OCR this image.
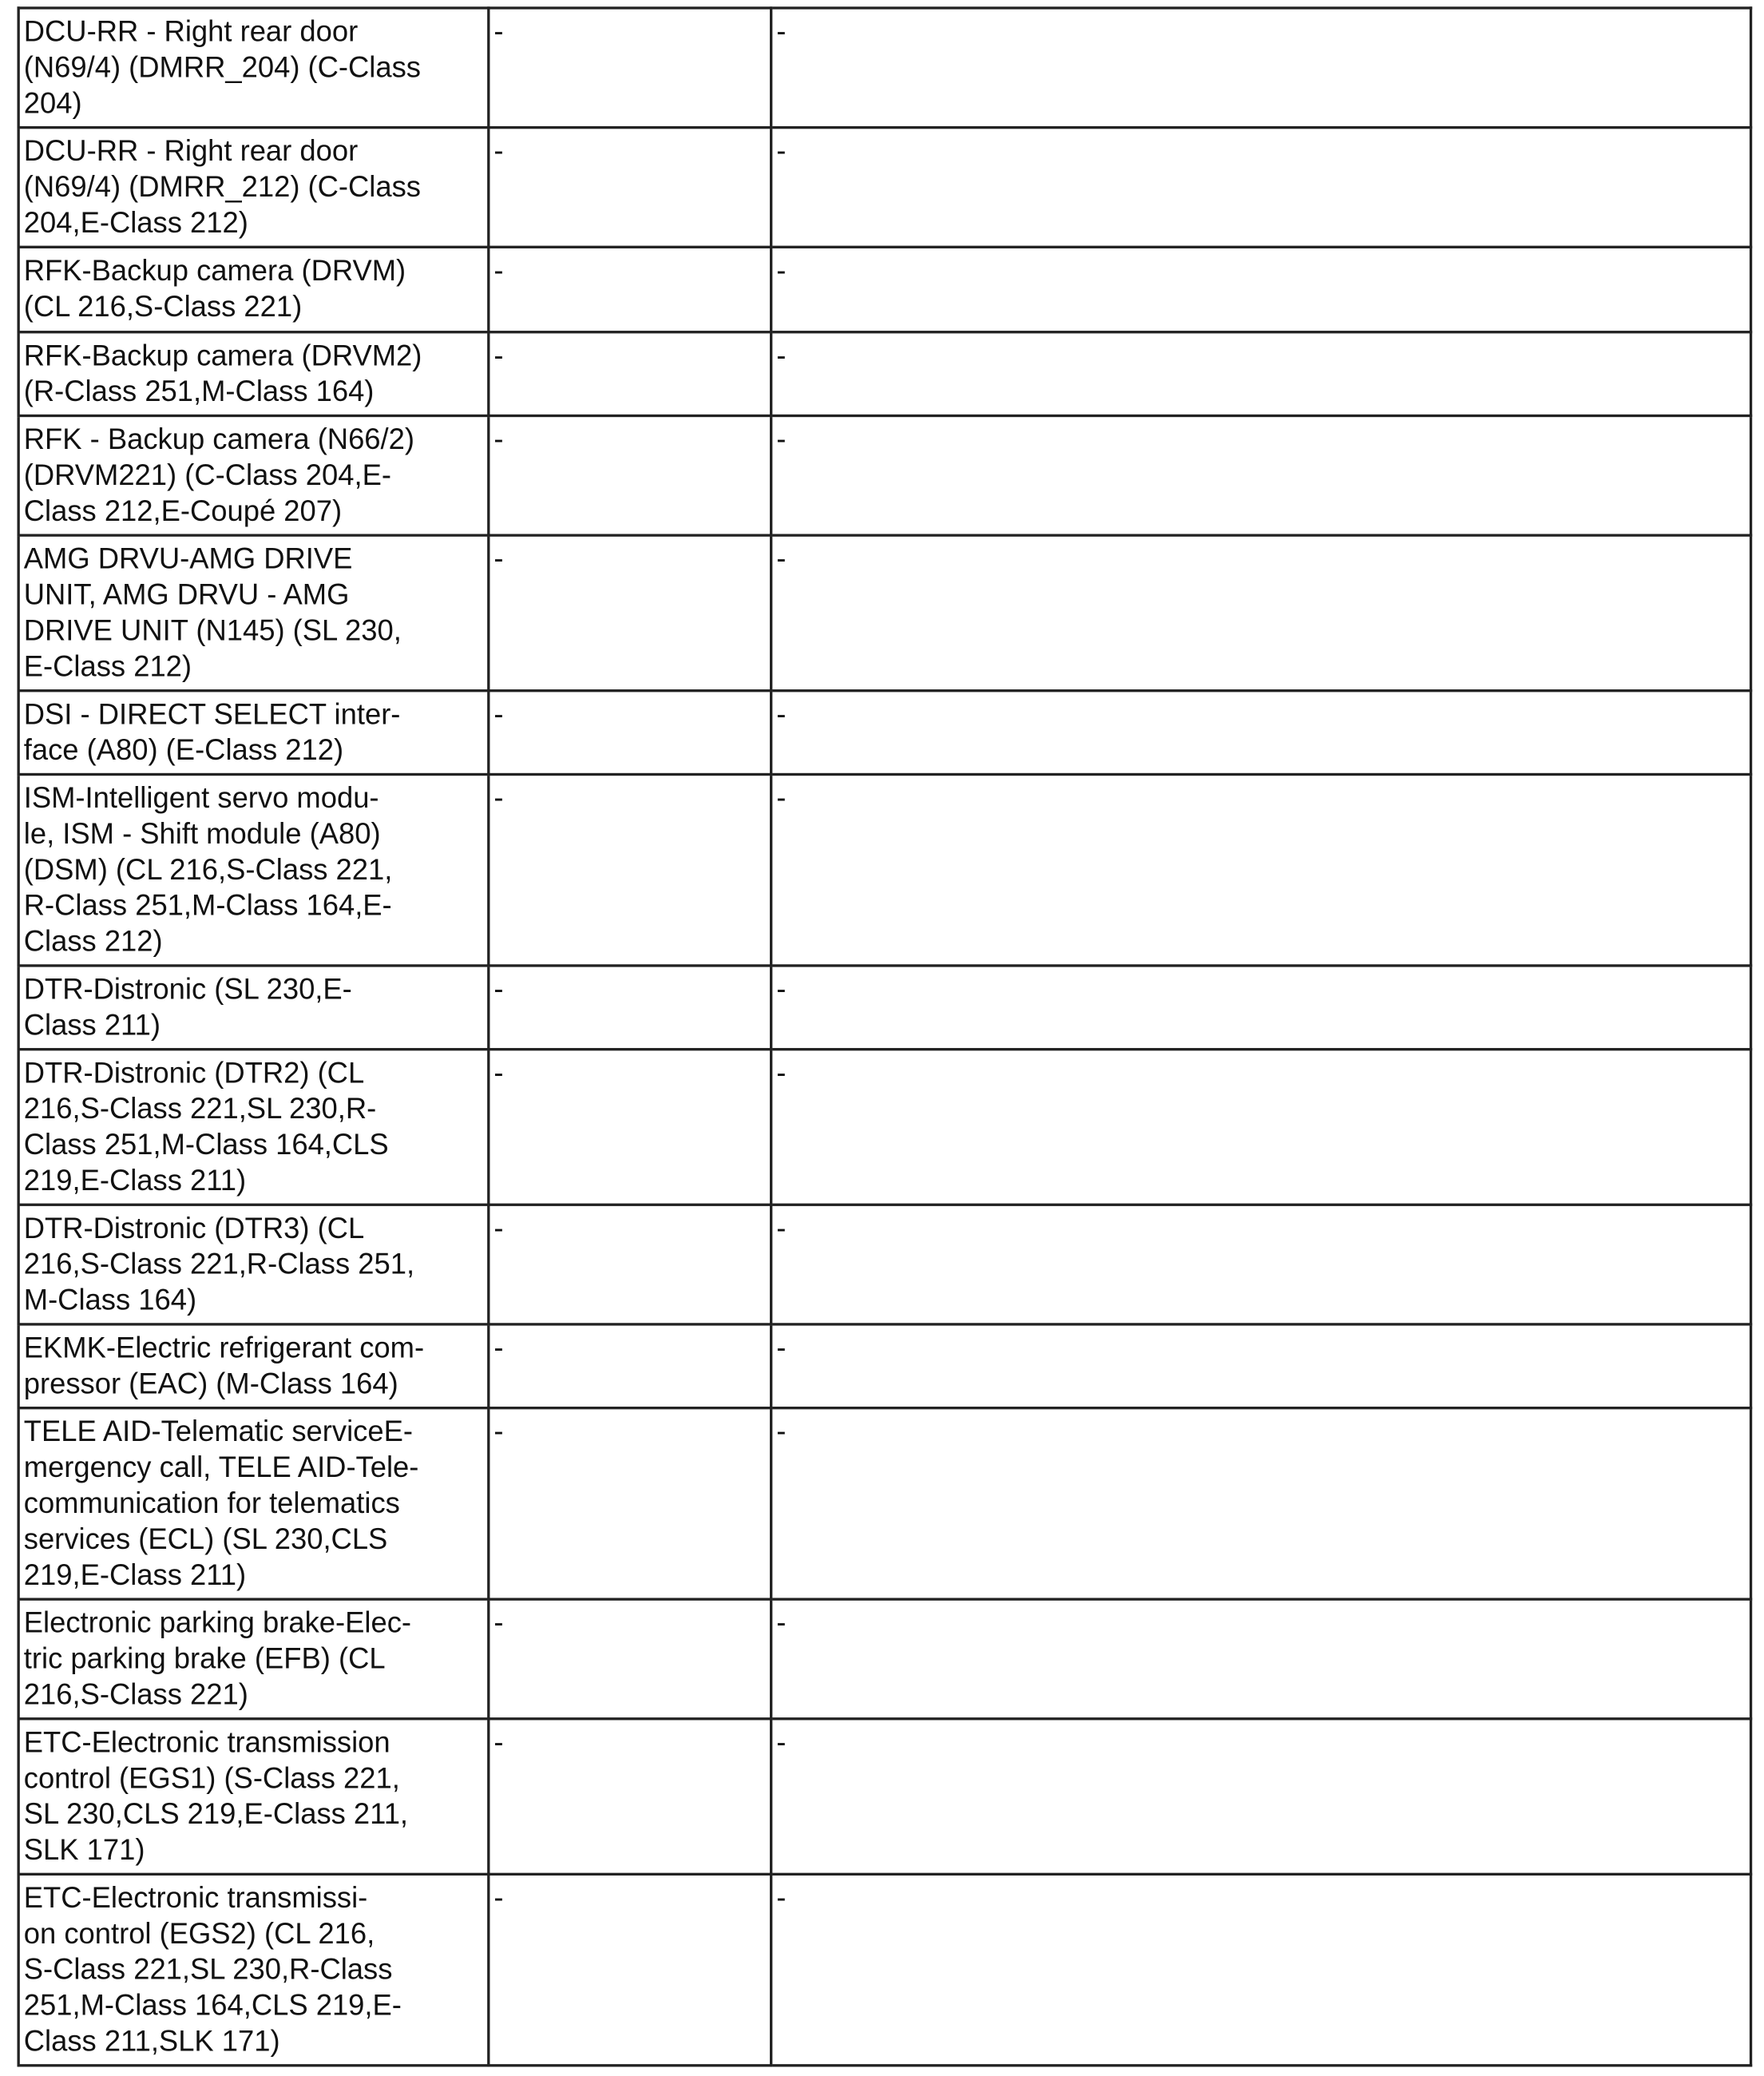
DCU-RR - Right rear door
(N69/4) (DMRR_204) (C-Class
204)	-	-

DCU-RR - Right rear door
(N69/4) (DMRR_212) (C-Class
204,E-Class 212)	-	-

RFK-Backup camera (DRVM)
(CL 216,S-Class 221)	-	-

RFK-Backup camera (DRVM2)
(R-Class 251,M-Class 164)	-	-

RFK - Backup camera (N66/2)
(DRVM221) (C-Class 204,E-
Class 212,E-Coupé 207)	-	-

AMG DRVU-AMG DRIVE
UNIT, AMG DRVU - AMG
DRIVE UNIT (N145) (SL 230,
E-Class 212)	-	-

DSI - DIRECT SELECT inter-
face (A80) (E-Class 212)	-	-

ISM-Intelligent servo modu-
le, ISM - Shift module (A80)
(DSM) (CL 216,S-Class 221,
R-Class 251,M-Class 164,E-
Class 212)	-	-

DTR-Distronic (SL 230,E-
Class 211)	-	-

DTR-Distronic (DTR2) (CL
216,S-Class 221,SL 230,R-
Class 251,M-Class 164,CLS
219,E-Class 211)	-	-

DTR-Distronic (DTR3) (CL
216,S-Class 221,R-Class 251,
M-Class 164)	-	-

EKMK-Electric refrigerant com-
pressor (EAC) (M-Class 164)	-	-

TELE AID-Telematic serviceE-
mergency call, TELE AID-Tele-
communication for telematics
services (ECL) (SL 230,CLS
219,E-Class 211)	-	-

Electronic parking brake-Elec-
tric parking brake (EFB) (CL
216,S-Class 221)	-	-

ETC-Electronic transmission
control (EGS1) (S-Class 221,
SL 230,CLS 219,E-Class 211,
SLK 171)	-	-

ETC-Electronic transmissi-
on control (EGS2) (CL 216,
S-Class 221,SL 230,R-Class
251,M-Class 164,CLS 219,E-
Class 211,SLK 171)	-	-
